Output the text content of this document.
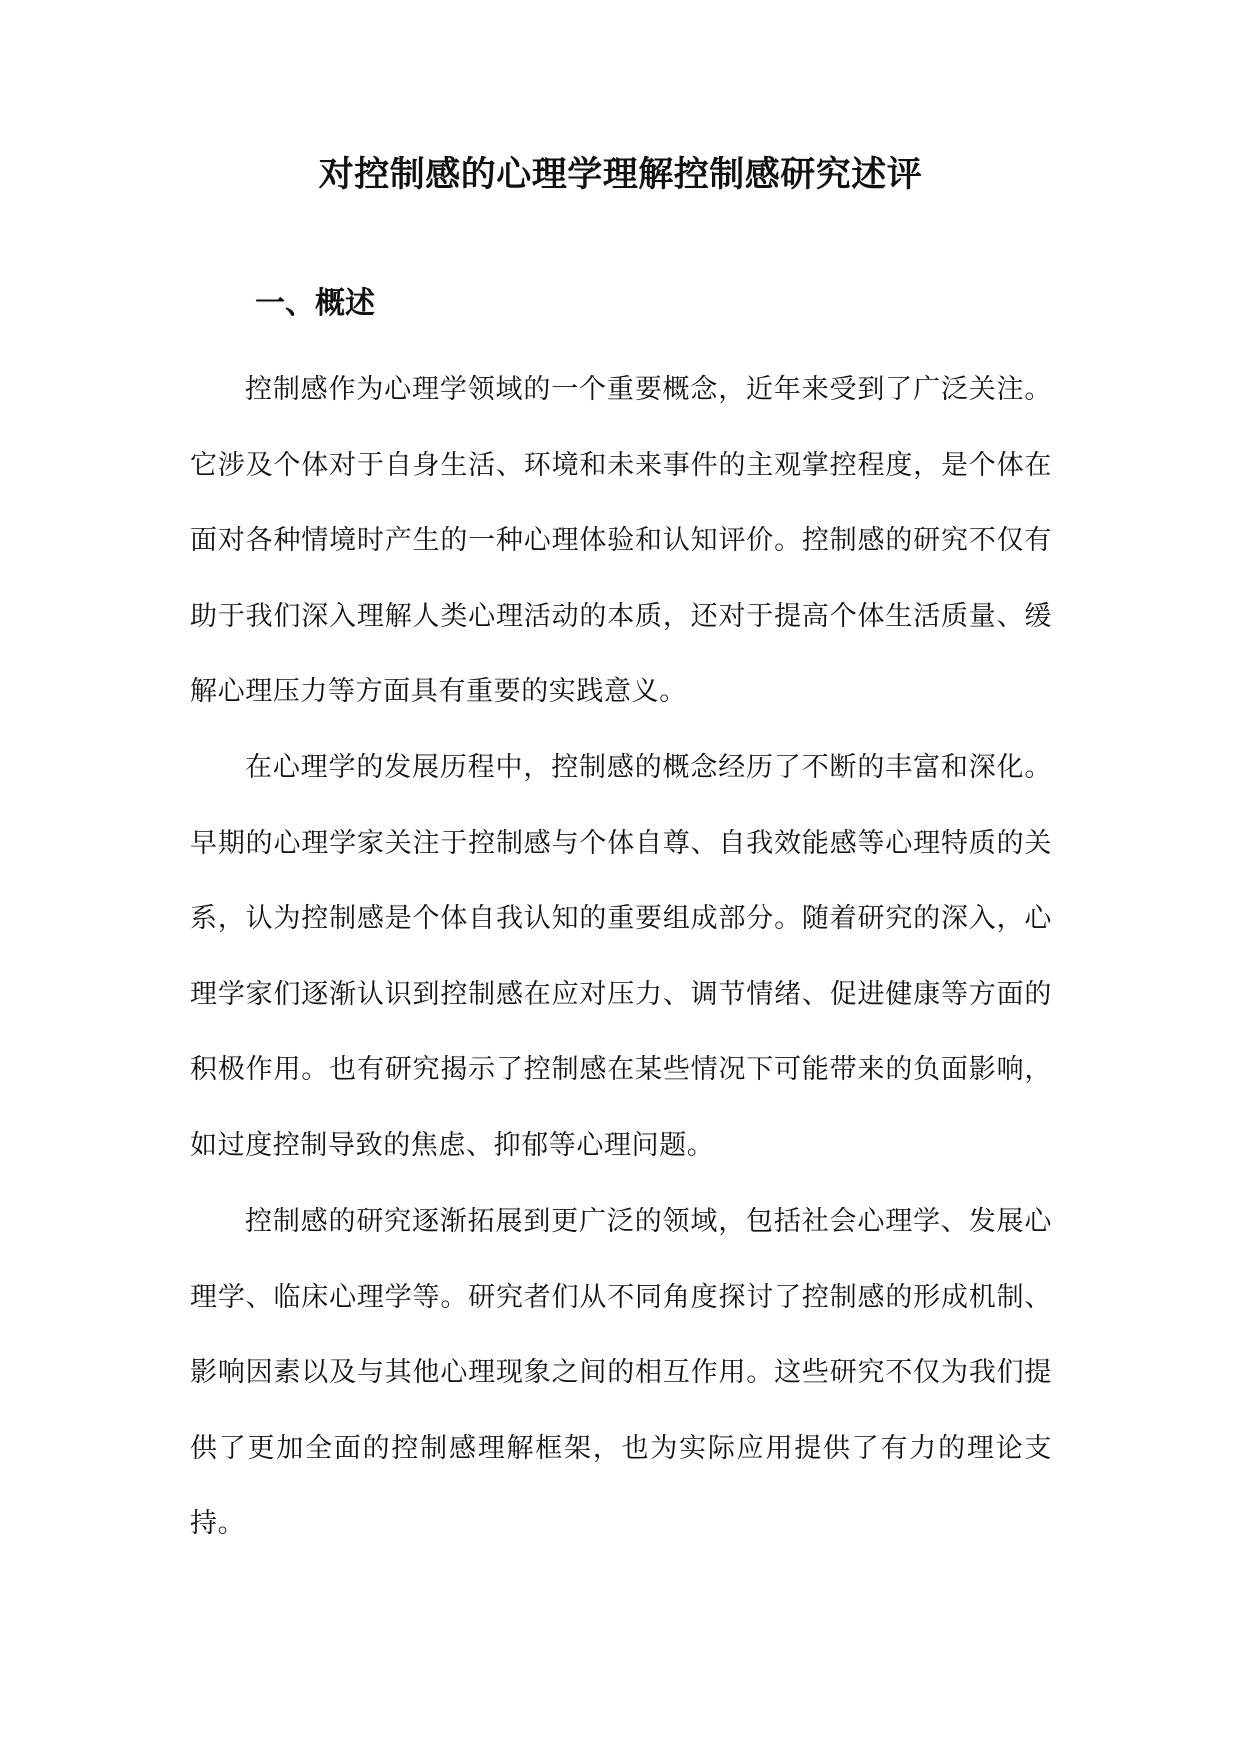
对控制感的心理学理解控制感研究述评
一、概述

控制感作为心理学领域的一个重要概念，近年来受到了广泛关注。它涉及个体对于自身生活、环境和未来事件的主观掌控程度，是个体在面对各种情境时产生的一种心理体验和认知评价。控制感的研究不仅有助于我们深入理解人类心理活动的本质，还对于提高个体生活质量、缓解心理压力等方面具有重要的实践意义。

在心理学的发展历程中，控制感的概念经历了不断的丰富和深化。早期的心理学家关注于控制感与个体自尊、自我效能感等心理特质的关系，认为控制感是个体自我认知的重要组成部分。随着研究的深入，心理学家们逐渐认识到控制感在应对压力、调节情绪、促进健康等方面的积极作用。也有研究揭示了控制感在某些情况下可能带来的负面影响，如过度控制导致的焦虑、抑郁等心理问题。

控制感的研究逐渐拓展到更广泛的领域，包括社会心理学、发展心理学、临床心理学等。研究者们从不同角度探讨了控制感的形成机制、影响因素以及与其他心理现象之间的相互作用。这些研究不仅为我们提供了更加全面的控制感理解框架，也为实际应用提供了有力的理论支持。
